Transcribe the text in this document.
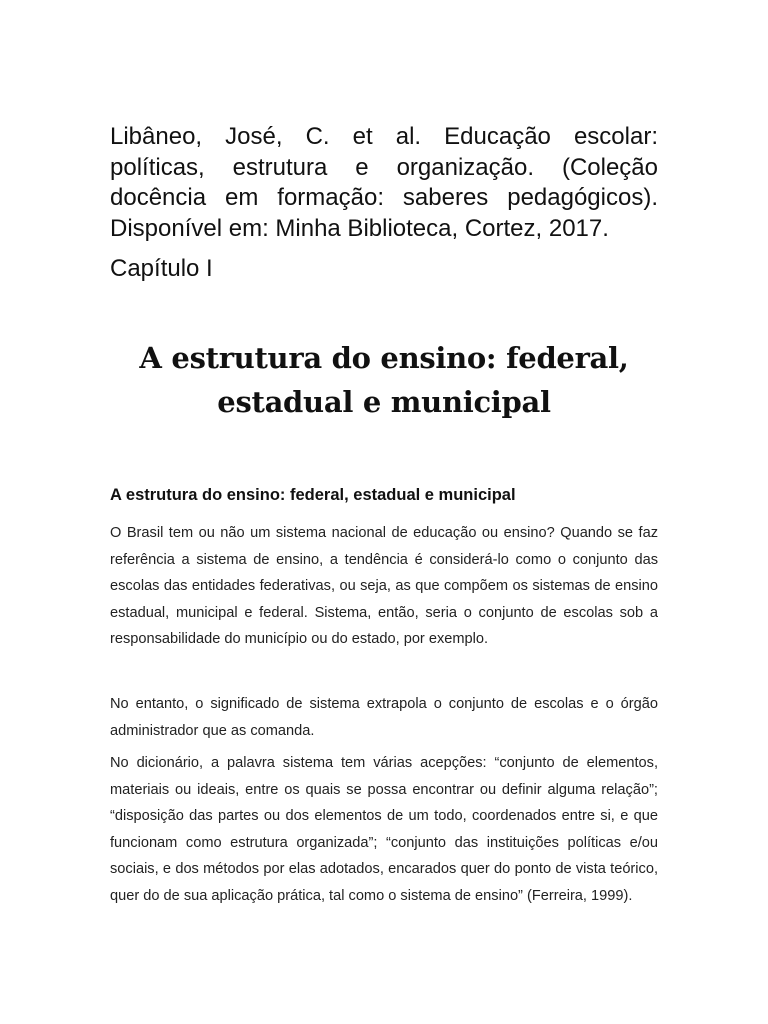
Libâneo, José, C. et al. Educação escolar: políticas, estrutura e organização. (Coleção docência em formação: saberes pedagógicos). Disponível em: Minha Biblioteca, Cortez, 2017.

Capítulo I

A estrutura do ensino: federal,
estadual e municipal
A estrutura do ensino: federal, estadual e municipal

O Brasil tem ou não um sistema nacional de educação ou ensino? Quando se faz referência a sistema de ensino, a tendência é considerá-lo como o conjunto das escolas das entidades federativas, ou seja, as que compõem os sistemas de ensino estadual, municipal e federal. Sistema, então, seria o conjunto de escolas sob a responsabilidade do município ou do estado, por exemplo.

No entanto, o significado de sistema extrapola o conjunto de escolas e o órgão administrador que as comanda.

No dicionário, a palavra sistema tem várias acepções: “conjunto de elementos, materiais ou ideais, entre os quais se possa encontrar ou definir alguma relação”; “disposição das partes ou dos elementos de um todo, coordenados entre si, e que funcionam como estrutura organizada”; “conjunto das instituições políticas e/ou sociais, e dos métodos por elas adotados, encarados quer do ponto de vista teórico, quer do de sua aplicação prática, tal como o sistema de ensino” (Ferreira, 1999).
